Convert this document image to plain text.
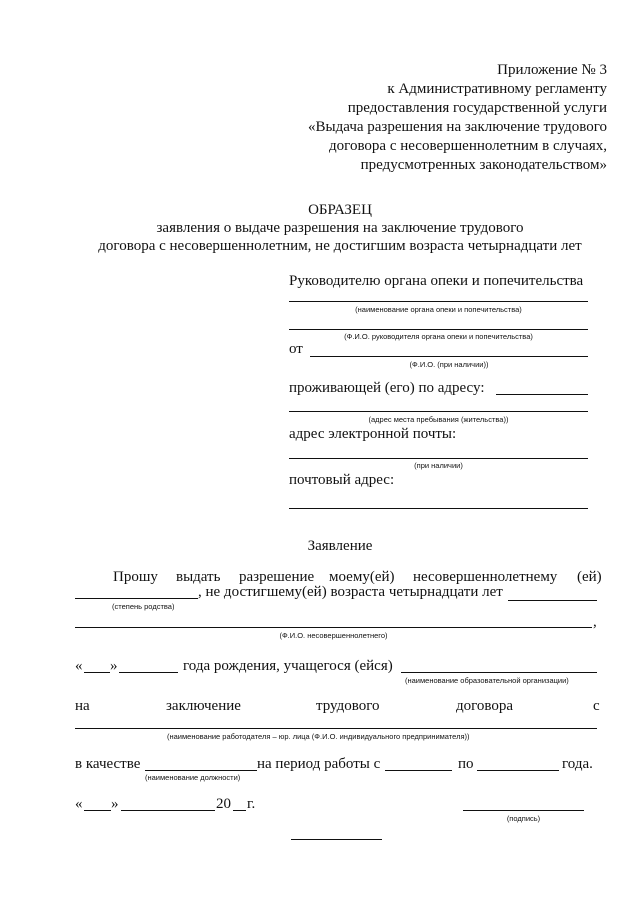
Приложение № 3
к Административному регламенту
предоставления государственной услуги
«Выдача разрешения на заключение трудового
договора с несовершеннолетним в случаях,
предусмотренных законодательством»
ОБРАЗЕЦ
заявления о выдаче разрешения на заключение трудового
договора с несовершеннолетним, не достигшим возраста четырнадцати лет
Руководителю органа опеки и попечительства
(наименование органа опеки и попечительства)
(Ф.И.О. руководителя органа опеки и попечительства)
от
(Ф.И.О. (при наличии))
проживающей (его) по адресу:
(адрес места пребывания (жительства))
адрес электронной почты:
(при наличии)
почтовый адрес:
Заявление
Прошу выдать разрешение моему(ей) несовершеннолетнему (ей)
, не достигшему(ей) возраста четырнадцати лет
(степень родства)
,
(Ф.И.О. несовершеннолетнего)
« »	года рождения, учащегося (ейся)
(наименование образовательной организации)
на	заключение	трудового	договора	с
(наименование работодателя – юр. лица (Ф.И.О. индивидуального предпринимателя))
в качестве	на период работы с	по	года.
(наименование должности)
« »	20 г.
(подпись)
